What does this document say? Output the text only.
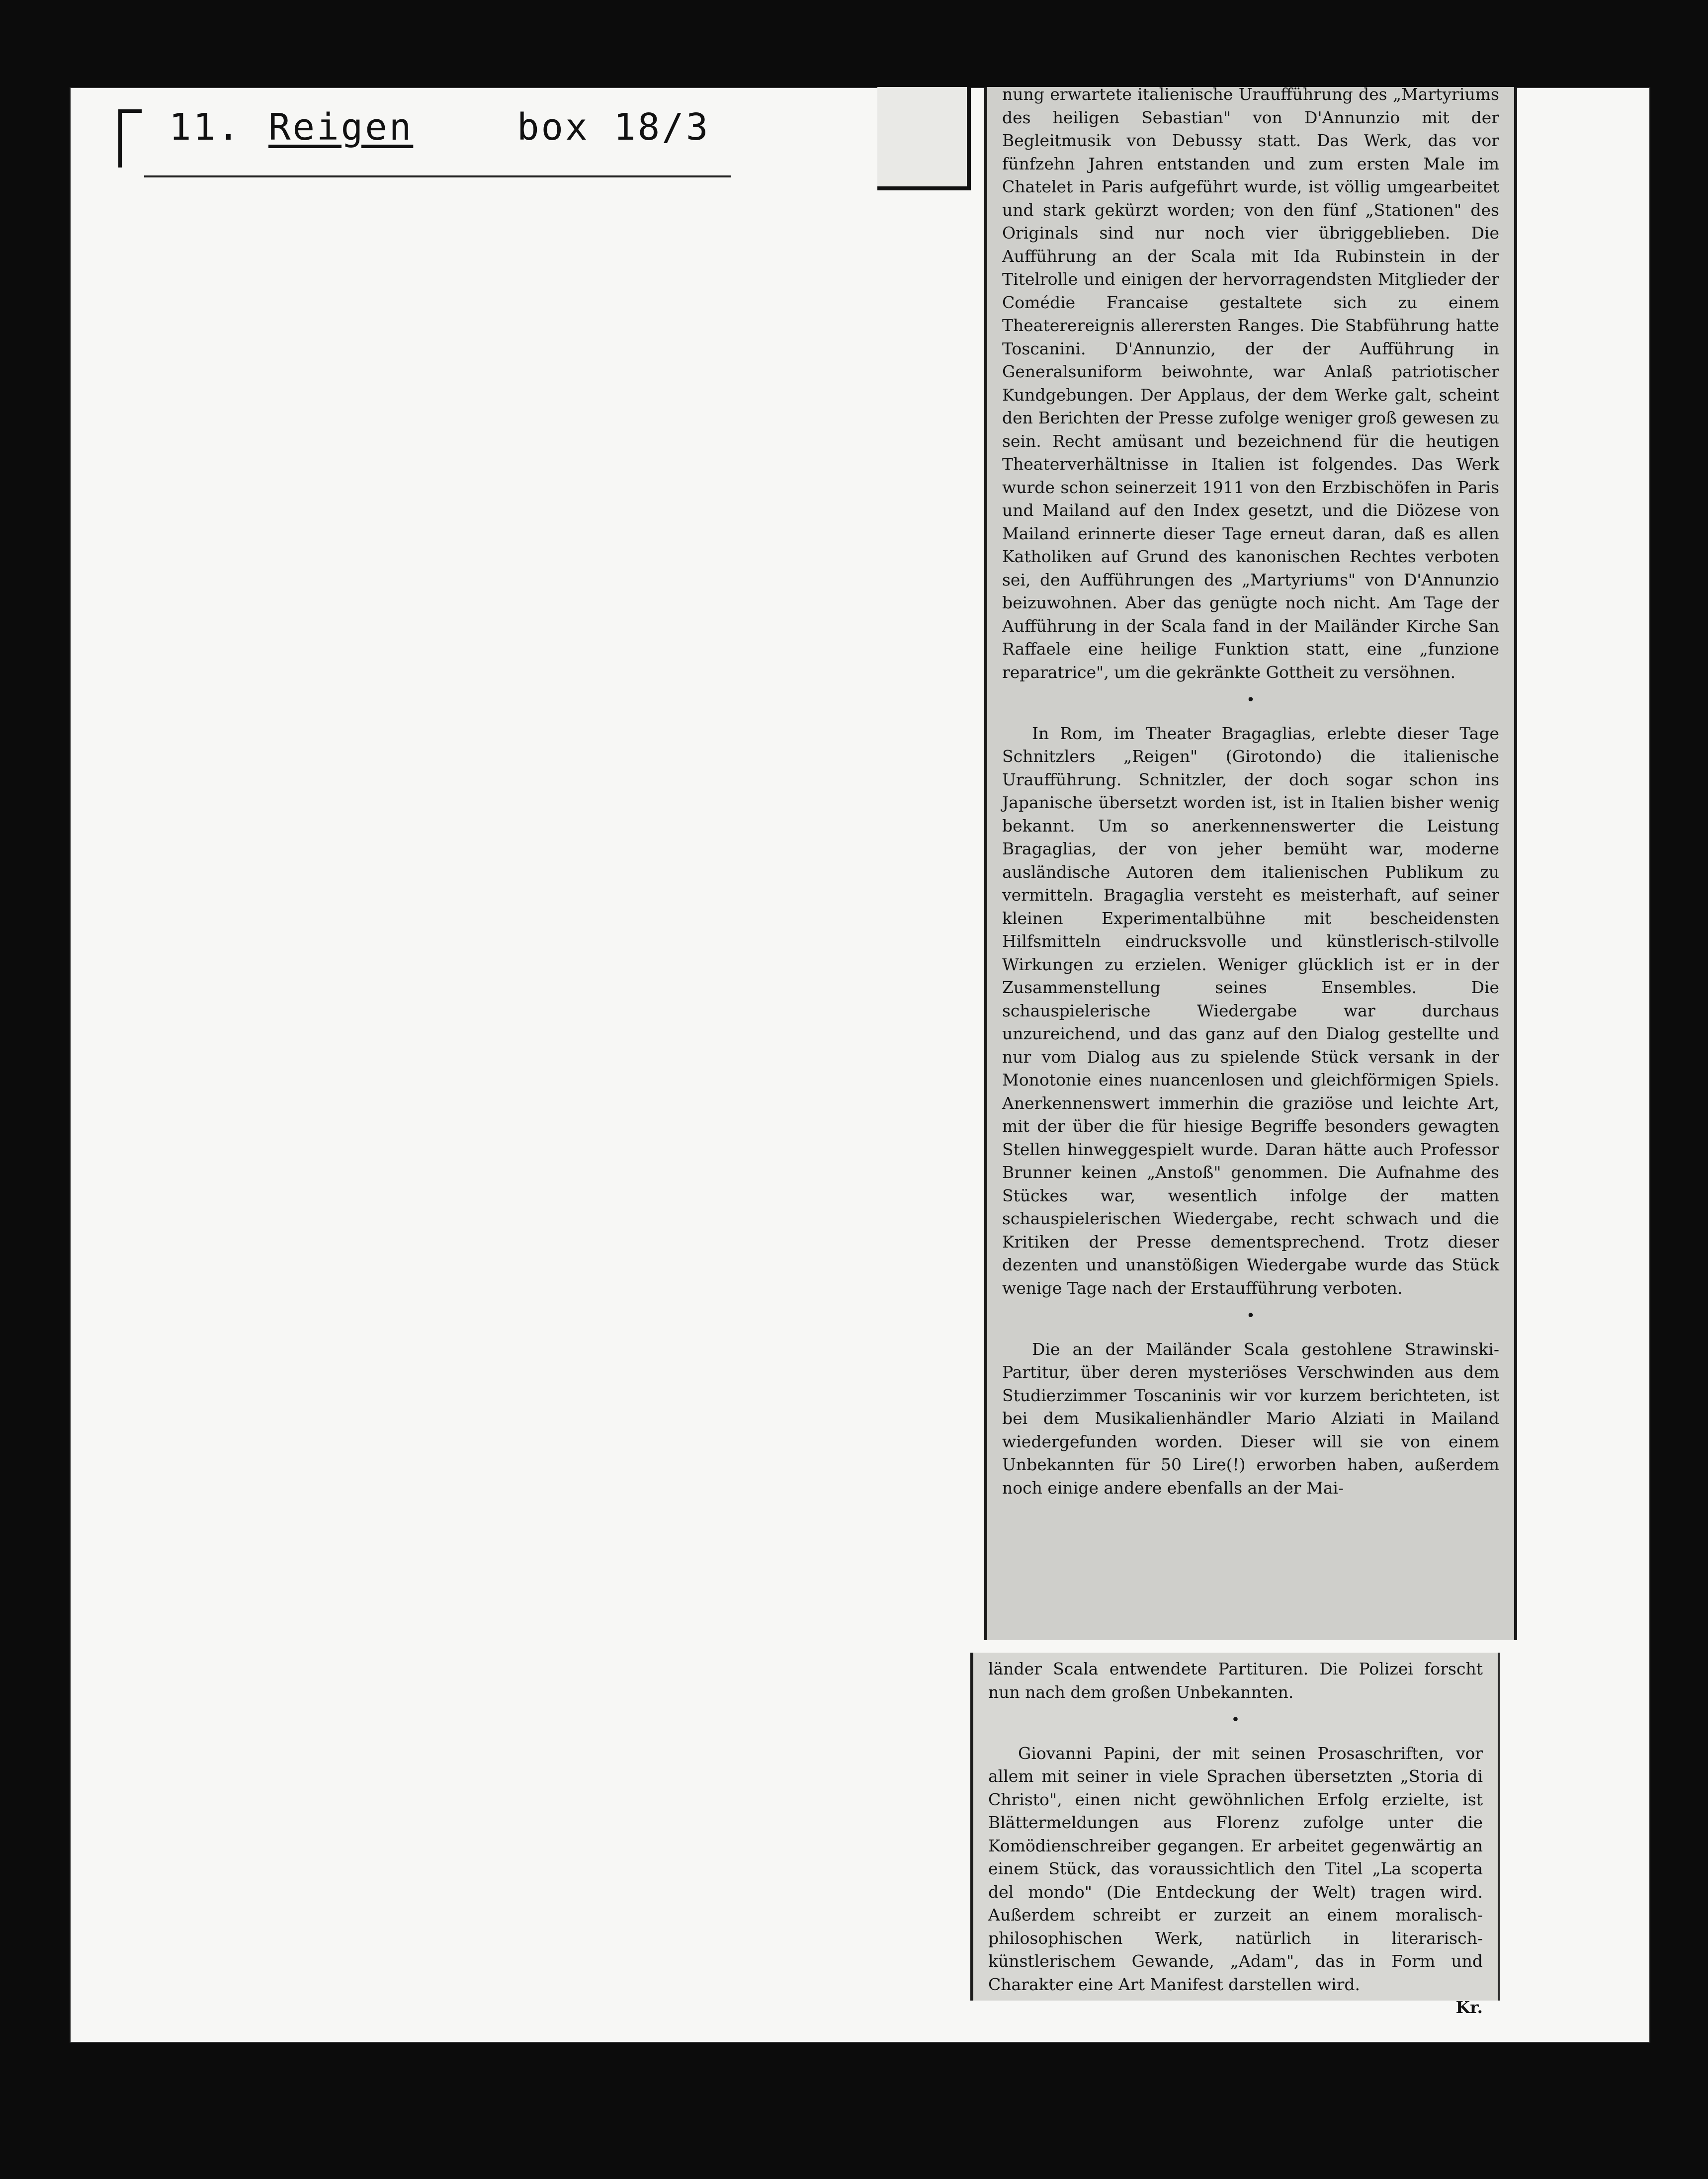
11. Reigen	box 18/3

nung erwartete italienische Uraufführung des „Martyriums des heiligen Sebastian" von D'Annunzio mit der Begleitmusik von Debussy statt. Das Werk, das vor fünfzehn Jahren entstanden und zum ersten Male im Chatelet in Paris aufgeführt wurde, ist völlig umgearbeitet und stark gekürzt worden; von den fünf „Stationen" des Originals sind nur noch vier übriggeblieben. Die Aufführung an der Scala mit Ida Rubinstein in der Titelrolle und einigen der hervorragendsten Mitglieder der Comédie Francaise gestaltete sich zu einem Theaterereignis allerersten Ranges. Die Stabführung hatte Toscanini. D'Annunzio, der der Aufführung in Generalsuniform beiwohnte, war Anlaß patriotischer Kundgebungen. Der Applaus, der dem Werke galt, scheint den Berichten der Presse zufolge weniger groß gewesen zu sein. Recht amüsant und bezeichnend für die heutigen Theaterverhältnisse in Italien ist folgendes. Das Werk wurde schon seinerzeit 1911 von den Erzbischöfen in Paris und Mailand auf den Index gesetzt, und die Diözese von Mailand erinnerte dieser Tage erneut daran, daß es allen Katholiken auf Grund des kanonischen Rechtes verboten sei, den Aufführungen des „Martyriums" von D'Annunzio beizuwohnen. Aber das genügte noch nicht. Am Tage der Aufführung in der Scala fand in der Mailänder Kirche San Raffaele eine heilige Funktion statt, eine „funzione reparatrice", um die gekränkte Gottheit zu versöhnen.

•

In Rom, im Theater Bragaglias, erlebte dieser Tage Schnitzlers „Reigen" (Girotondo) die italienische Uraufführung. Schnitzler, der doch sogar schon ins Japanische übersetzt worden ist, ist in Italien bisher wenig bekannt. Um so anerkennenswerter die Leistung Bragaglias, der von jeher bemüht war, moderne ausländische Autoren dem italienischen Publikum zu vermitteln. Bragaglia versteht es meisterhaft, auf seiner kleinen Experimentalbühne mit bescheidensten Hilfsmitteln eindrucksvolle und künstlerisch-stilvolle Wirkungen zu erzielen. Weniger glücklich ist er in der Zusammenstellung seines Ensembles. Die schauspielerische Wiedergabe war durchaus unzureichend, und das ganz auf den Dialog gestellte und nur vom Dialog aus zu spielende Stück versank in der Monotonie eines nuancenlosen und gleichförmigen Spiels. Anerkennenswert immerhin die graziöse und leichte Art, mit der über die für hiesige Begriffe besonders gewagten Stellen hinweggespielt wurde. Daran hätte auch Professor Brunner keinen „Anstoß" genommen. Die Aufnahme des Stückes war, wesentlich infolge der matten schauspielerischen Wiedergabe, recht schwach und die Kritiken der Presse dementsprechend. Trotz dieser dezenten und unanstößigen Wiedergabe wurde das Stück wenige Tage nach der Erstaufführung verboten.

•

Die an der Mailänder Scala gestohlene Strawinski-Partitur, über deren mysteriöses Verschwinden aus dem Studierzimmer Toscaninis wir vor kurzem berichteten, ist bei dem Musikalienhändler Mario Alziati in Mailand wiedergefunden worden. Dieser will sie von einem Unbekannten für 50 Lire(!) erworben haben, außerdem noch einige andere ebenfalls an der Mai-

länder Scala entwendete Partituren. Die Polizei forscht nun nach dem großen Unbekannten.

•

Giovanni Papini, der mit seinen Prosaschriften, vor allem mit seiner in viele Sprachen übersetzten „Storia di Christo", einen nicht gewöhnlichen Erfolg erzielte, ist Blättermeldungen aus Florenz zufolge unter die Komödienschreiber gegangen. Er arbeitet gegenwärtig an einem Stück, das voraussichtlich den Titel „La scoperta del mondo" (Die Entdeckung der Welt) tragen wird. Außerdem schreibt er zurzeit an einem moralisch-philosophischen Werk, natürlich in literarisch-künstlerischem Gewande, „Adam", das in Form und Charakter eine Art Manifest darstellen wird.

Kr.
